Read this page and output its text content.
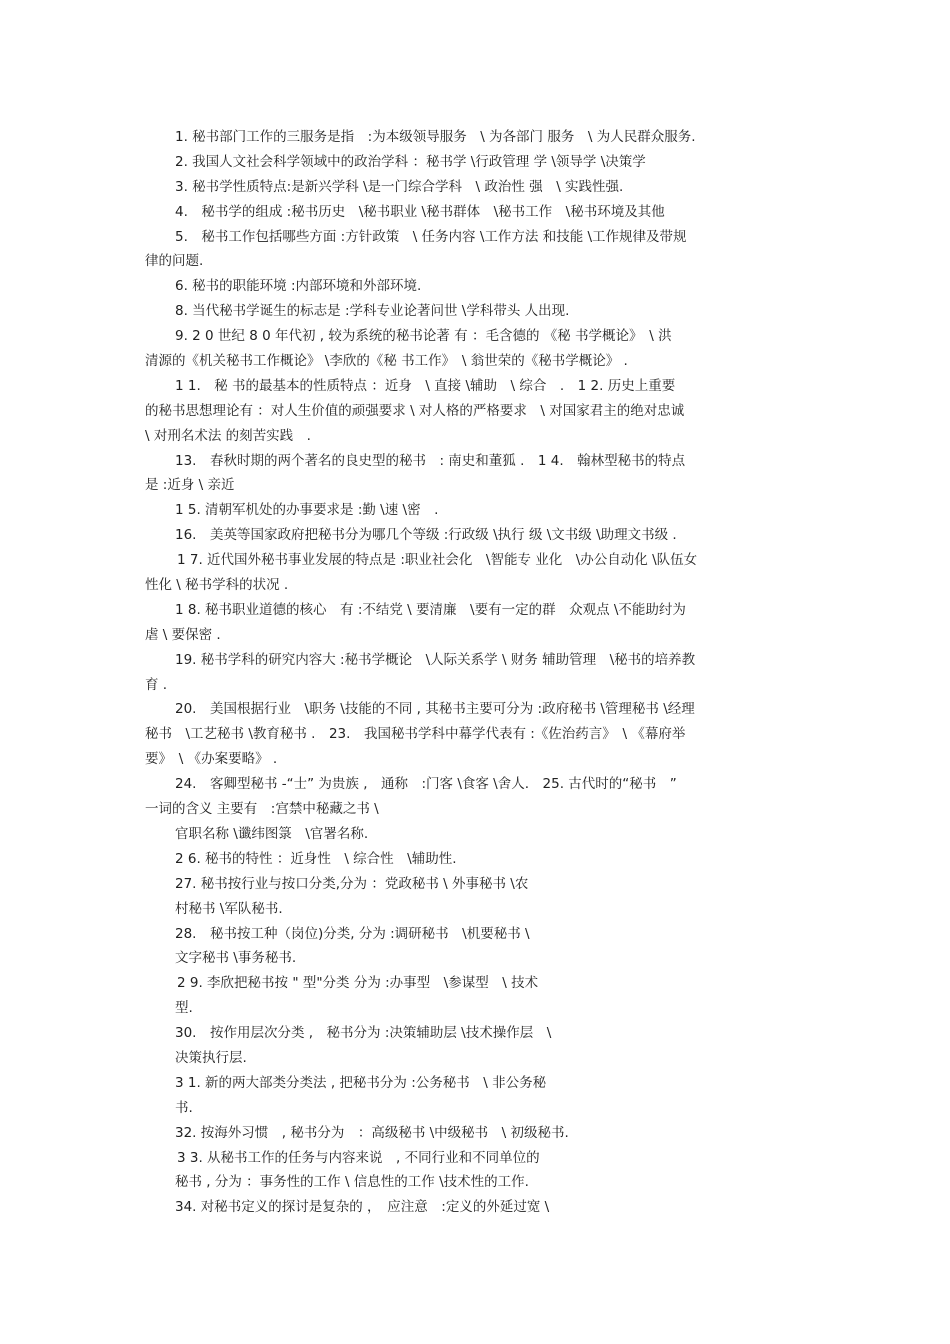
1. 秘书部门工作的三服务是指　:为本级领导服务　\ 为各部门 服务　\ 为人民群众服务.
2. 我国人文社会科学领域中的政治学科 ：秘书学 \行政管理 学 \领导学 \决策学
3. 秘书学性质特点:是新兴学科 \是一门综合学科　\ 政治性 强　\ 实践性强.
4.　秘书学的组成 :秘书历史　\秘书职业 \秘书群体　\秘书工作　\秘书环境及其他
5.　秘书工作包括哪些方面 :方针政策　\ 任务内容 \工作方法 和技能 \工作规律及带规
律的问题.
6. 秘书的职能环境 :内部环境和外部环境.
8. 当代秘书学诞生的标志是 :学科专业论著问世 \学科带头 人出现.
9. 2 0 世纪 8 0 年代初 , 较为系统的秘书论著 有 ：毛含德的 《秘 书学概论》　\ 洪
清源的《机关秘书工作概论》 \李欣的《秘 书工作》　\ 翁世荣的《秘书学概论》 .
1 1.　秘 书的最基本的性质特点 ：近身　\ 直接 \辅助　\ 综合　.　1 2. 历史上重要
的秘书思想理论有 ：对人生价值的顽强要求 \ 对人格的严格要求　\ 对国家君主的绝对忠诚
\ 对刑名术法 的刻苦实践　.
13.　春秋时期的两个著名的良史型的秘书　: 南史和董狐 .　1 4.　翰林型秘书的特点
是 :近身 \ 亲近
1 5. 清朝军机处的办事要求是 :勤 \速 \密　.
16.　美英等国家政府把秘书分为哪几个等级 :行政级 \执行 级 \文书级 \助理文书级 .
1 7. 近代国外秘书事业发展的特点是 :职业社会化　\智能专 业化　\办公自动化 \队伍女
性化 \ 秘书学科的状况 .
1 8. 秘书职业道德的核心　有 :不结党 \ 要清廉　\要有一定的群　众观点 \不能助纣为
虐 \ 要保密 .
19. 秘书学科的研究内容大 :秘书学概论　\人际关系学 \ 财务 辅助管理　\秘书的培养教
育 .
20.　美国根据行业　\职务 \技能的不同 , 其秘书主要可分为 :政府秘书 \管理秘书 \经理
秘书　\工艺秘书 \教育秘书 .　23.　我国秘书学科中幕学代表有 :《佐治药言》　\ 《幕府举
要》　\ 《办案要略》 .
24.　客卿型秘书 -“士” 为贵族 ,　通称　:门客 \食客 \舍人.　25. 古代时的“秘书　”
一词的含义 主要有　:宫禁中秘藏之书 \
官职名称 \谶纬图箓　\官署名称.
2 6. 秘书的特性 ：近身性　\ 综合性　\辅助性.
27. 秘书按行业与按口分类,分为 ：党政秘书 \ 外事秘书 \农
村秘书 \军队秘书.
28.　秘书按工种（岗位)分类, 分为 :调研秘书　\机要秘书 \
文字秘书 \事务秘书.
2 9. 李欣把秘书按 " 型"分类 分为 :办事型　\参谋型　\ 技术
型.
30.　按作用层次分类 ,　秘书分为 :决策辅助层 \技术操作层　\
决策执行层.
3 1. 新的两大部类分类法 , 把秘书分为 :公务秘书　\ 非公务秘
书.
32. 按海外习惯　, 秘书分为　：高级秘书 \中级秘书　\ 初级秘书.
3 3. 从秘书工作的任务与内容来说　, 不同行业和不同单位的
秘书 , 分为 ：事务性的工作 \ 信息性的工作 \技术性的工作.
34. 对秘书定义的探讨是复杂的 ，　应注意　:定义的外延过宽 \
